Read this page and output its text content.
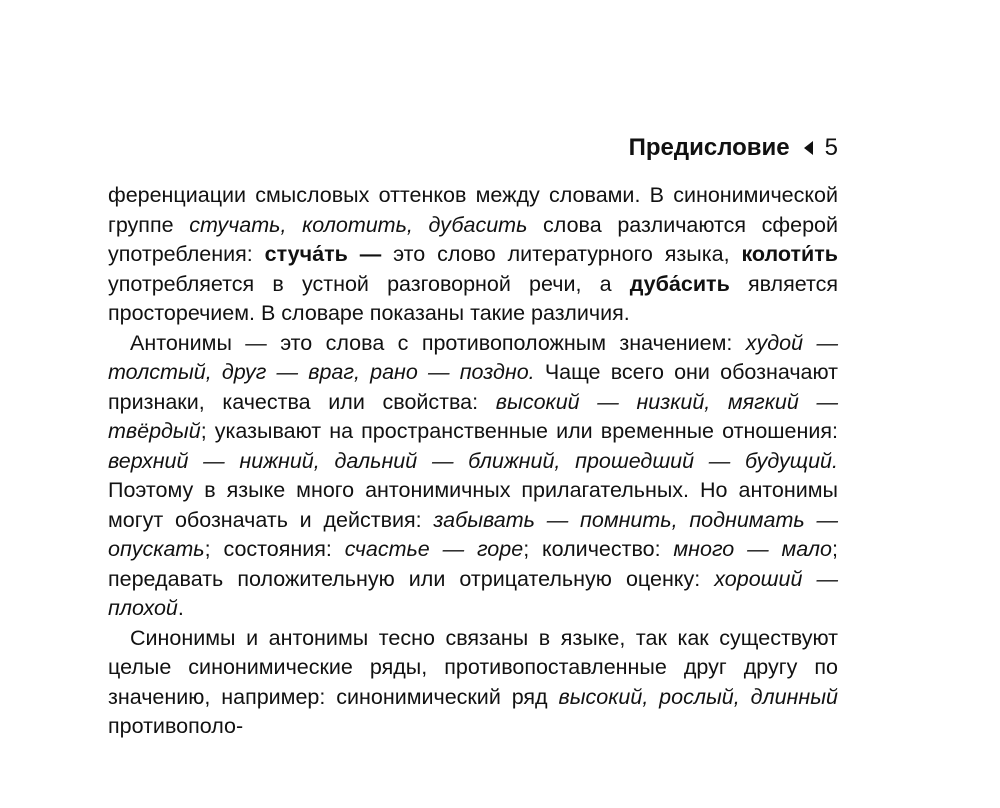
Предисловие 5

ференциации смысловых оттенков между словами. В синонимической группе стучать, колотить, дубасить слова различаются сферой употребления: стуча́ть — это слово литературного языка, колоти́ть употребляется в устной разговорной речи, а дуба́сить является просторечием. В словаре показаны такие различия.

Антонимы — это слова с противоположным значением: худой — толстый, друг — враг, рано — поздно. Чаще всего они обозначают признаки, качества или свойства: высокий — низкий, мягкий — твёрдый; указывают на пространственные или временные отношения: верхний — нижний, дальний — ближний, прошедший — будущий. Поэтому в языке много антонимичных прилагательных. Но антонимы могут обозначать и действия: забывать — помнить, поднимать — опускать; состояния: счастье — горе; количество: много — мало; передавать положительную или отрицательную оценку: хороший — плохой.

Синонимы и антонимы тесно связаны в языке, так как существуют целые синонимические ряды, противопоставленные друг другу по значению, например: синонимический ряд высокий, рослый, длинный противополо-
